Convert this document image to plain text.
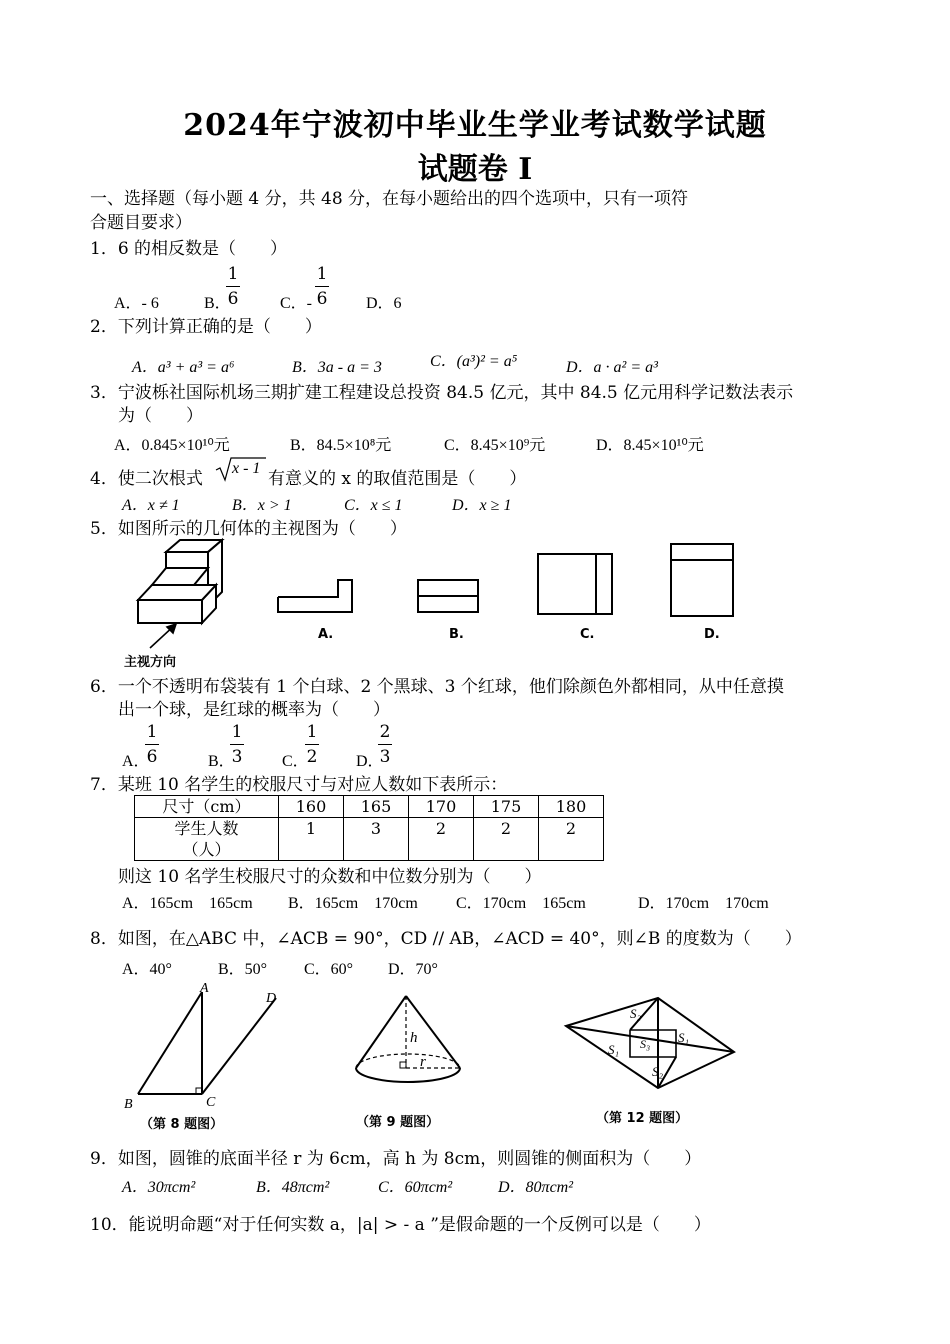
2024年宁波初中毕业生学业考试数学试题
试题卷 I
一、选择题（每小题 4 分，共 48 分，在每小题给出的四个选项中，只有一项符
合题目要求）
1．6 的相反数是（　　）
A．- 6	B．
1
6	C．-
1
6 D．6
2．下列计算正确的是（　　）
A．a³ + a³ = a⁶	B．3a - a = 3	C．(a³)² = a⁵	D．a · a² = a³
3．宁波栎社国际机场三期扩建工程建设总投资 84.5 亿元，其中 84.5 亿元用科学记数法表示
为（　　）
A．0.845×10¹⁰元	B．84.5×10⁸元	C．8.45×10⁹元	D．8.45×10¹⁰元
4．使二次根式
x - 1
有意义的 x 的取值范围是（　　）
A．x ≠ 1	B．x > 1	C．x ≤ 1	D．x ≥ 1
5．如图所示的几何体的主视图为（　　）
主视方向
A.	B.	C.	D.
6．一个不透明布袋装有 1 个白球、2 个黑球、3 个红球，他们除颜色外都相同，从中任意摸
出一个球，是红球的概率为（　　）
A．
1
6	B．
1
3 C．
1
2 D．
2
3
7．某班 10 名学生的校服尺寸与对应人数如下表所示：
尺寸（cm）	160	165	170	175	180

学生人数
（人）	1	3	2	2	2
则这 10 名学生校服尺寸的众数和中位数分别为（　　）
A．165cm　165cm B．165cm　170cm C．170cm　165cm	D．170cm　170cm
8．如图，在△ABC 中，∠ACB = 90°，CD // AB，∠ACD = 40°，则∠B 的度数为（　　）
A．40°	B．50° C．60° D．70°
A
B	C
D
（第 8 题图）
h
r
（第 9 题图）
S₂
S₁
S₃
S₁
S₂
（第 12 题图）
9．如图，圆锥的底面半径 r 为 6cm，高 h 为 8cm，则圆锥的侧面积为（　　）
A．30πcm²	B．48πcm²	C．60πcm²	D．80πcm²
10．能说明命题“对于任何实数 a，|a| > - a ”是假命题的一个反例可以是（　　）
